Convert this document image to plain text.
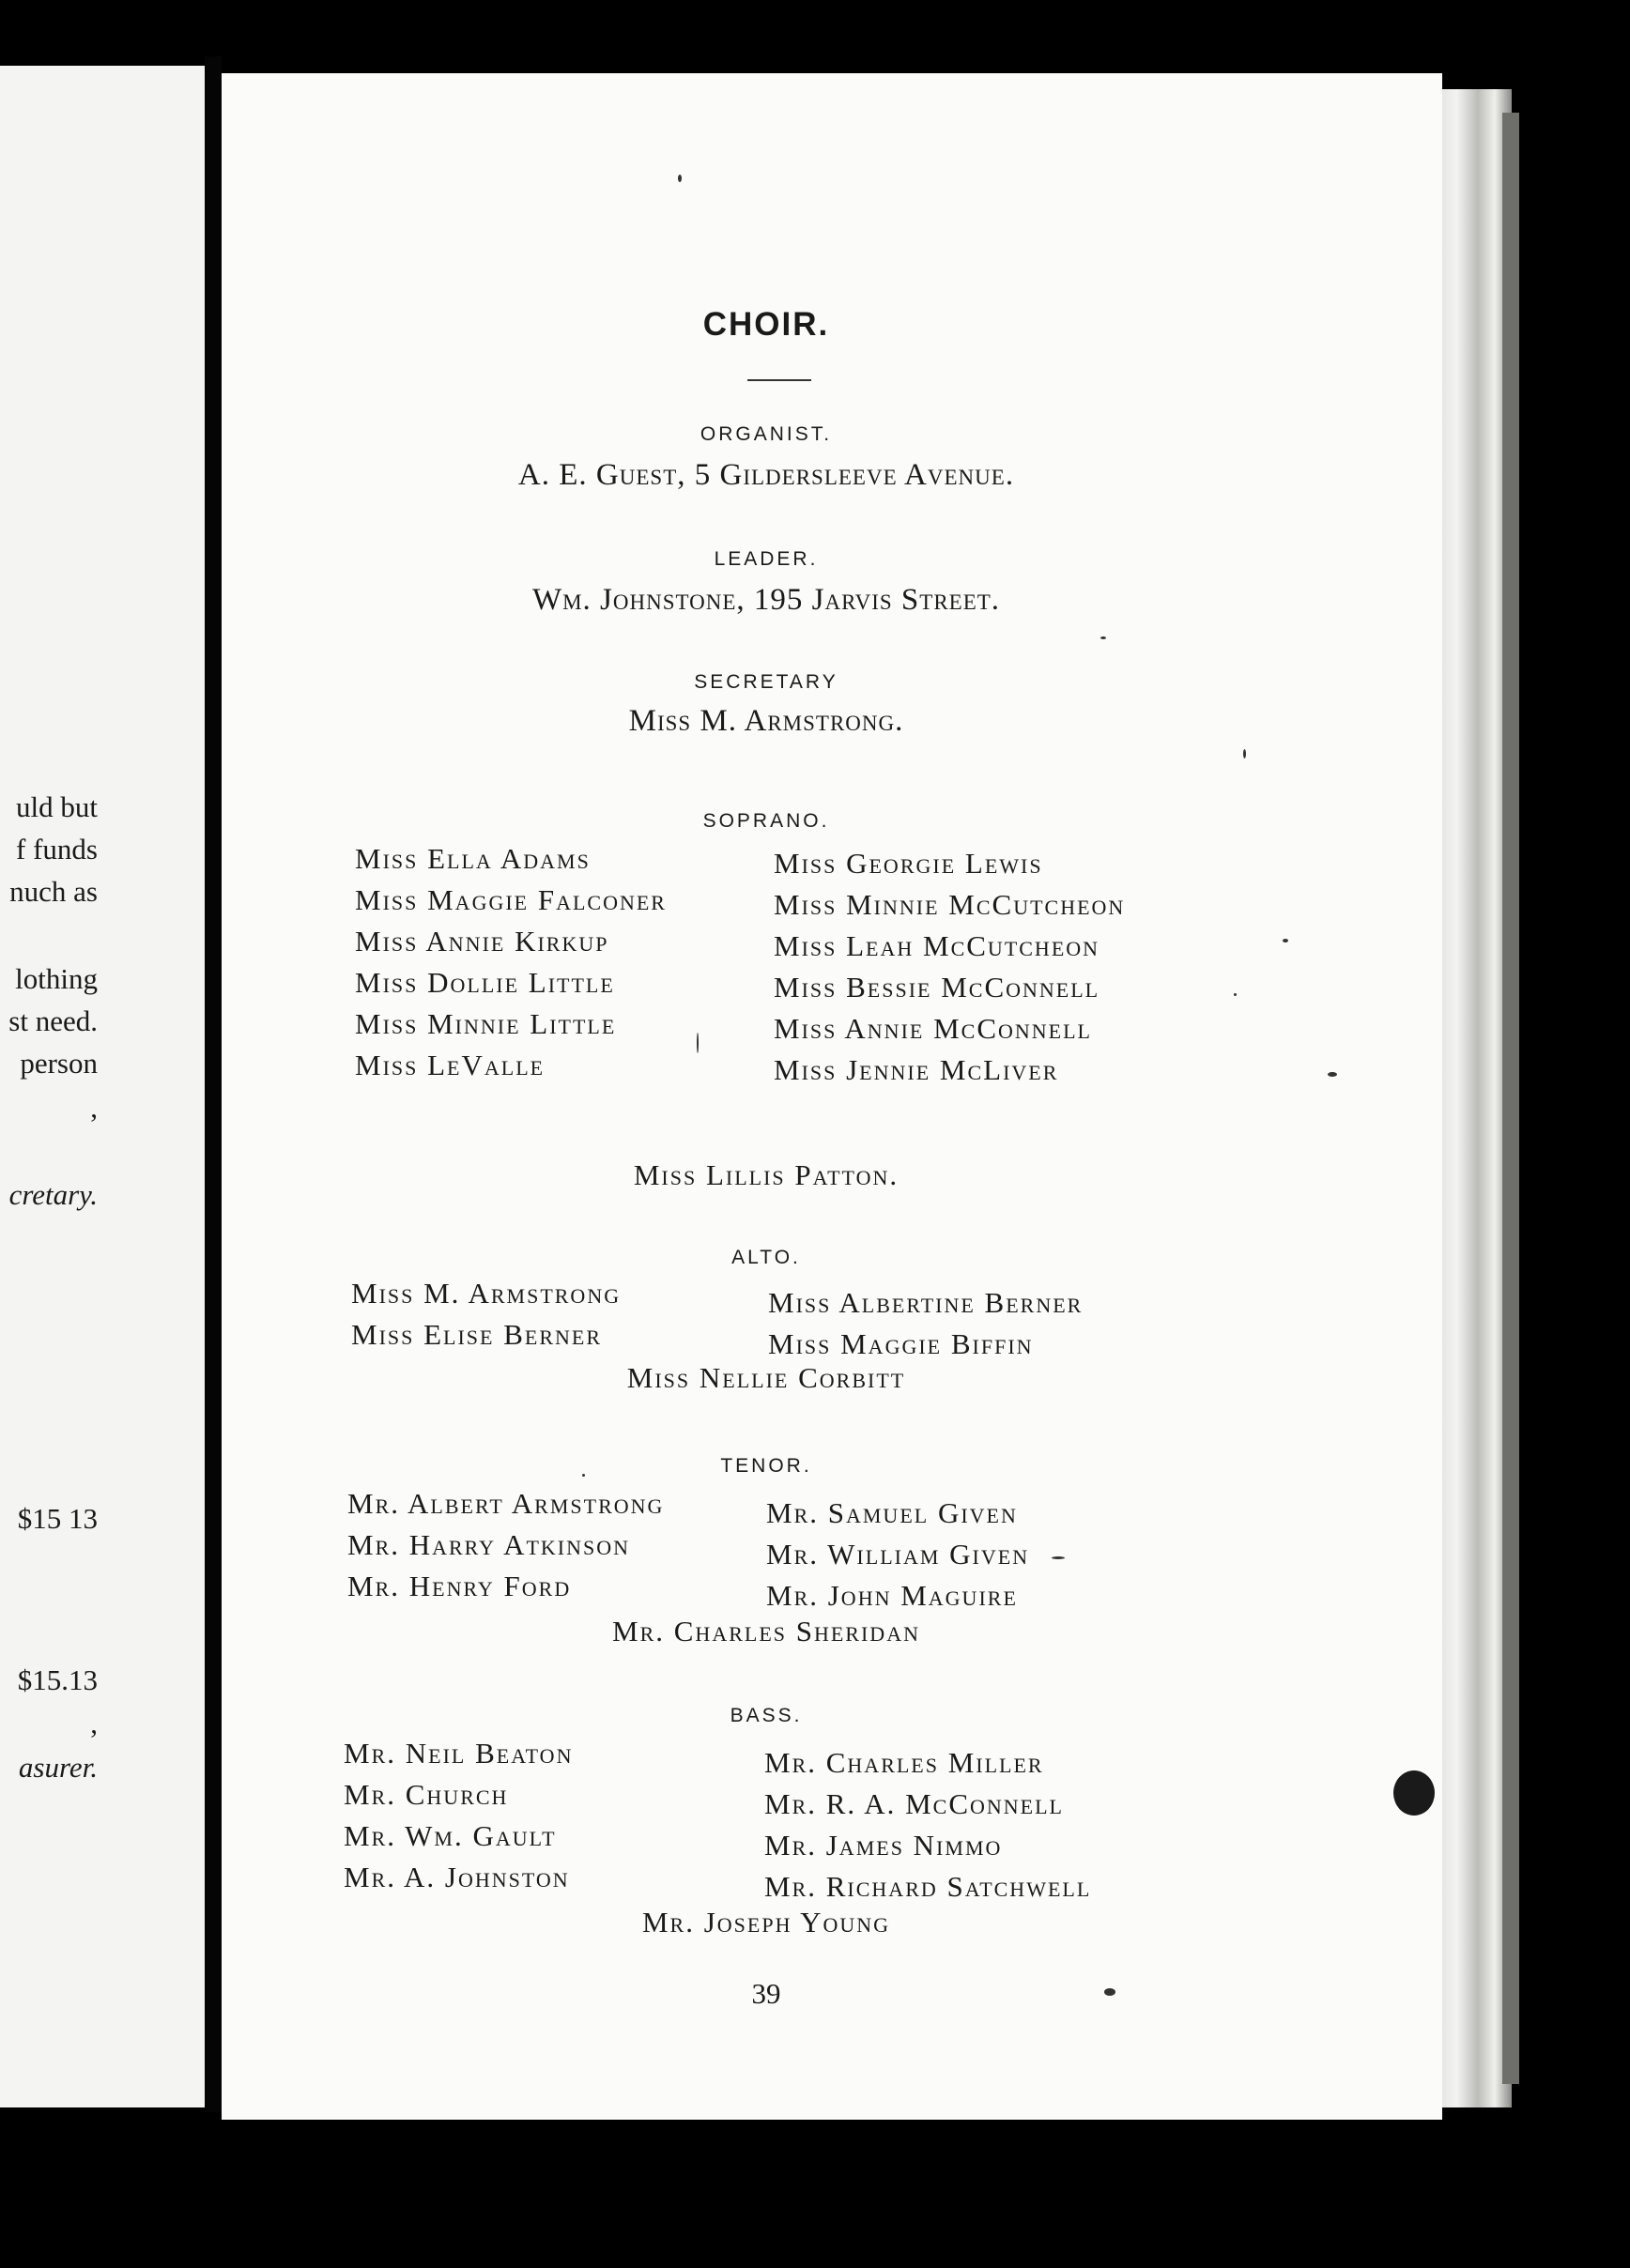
uld but
f funds
nuch as
lothing
st need.
person
,
cretary.
$15 13
$15.13
,
asurer.
CHOIR.
ORGANIST.
A. E. Guest, 5 Gildersleeve Avenue.
LEADER.
Wm. Johnstone, 195 Jarvis Street.
SECRETARY
Miss M. Armstrong.
SOPRANO.
Miss Ella Adams
Miss Maggie Falconer
Miss Annie Kirkup
Miss Dollie Little
Miss Minnie Little
Miss LeValle
Miss Georgie Lewis
Miss Minnie McCutcheon
Miss Leah McCutcheon
Miss Bessie McConnell
Miss Annie McConnell
Miss Jennie McLiver
Miss Lillis Patton.
ALTO.
Miss M. Armstrong
Miss Elise Berner
Miss Albertine Berner
Miss Maggie Biffin
Miss Nellie Corbitt
TENOR.
Mr. Albert Armstrong
Mr. Harry Atkinson
Mr. Henry Ford
Mr. Samuel Given
Mr. William Given
Mr. John Maguire
Mr. Charles Sheridan
BASS.
Mr. Neil Beaton
Mr. Church
Mr. Wm. Gault
Mr. A. Johnston
Mr. Charles Miller
Mr. R. A. McConnell
Mr. James Nimmo
Mr. Richard Satchwell
Mr. Joseph Young
39
